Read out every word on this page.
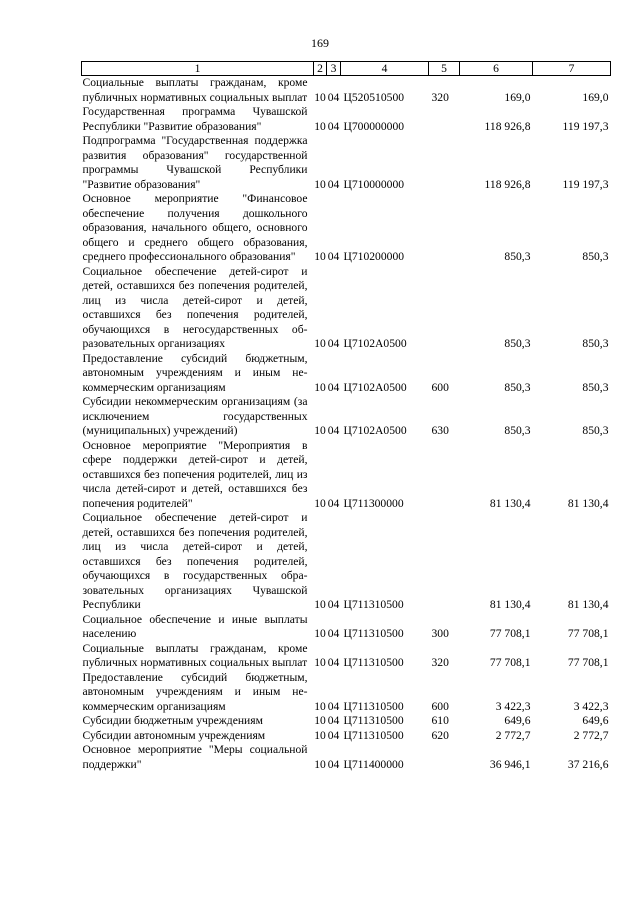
169
1	2	3	4	5	6	7
Социальные выплаты гражданам, кроме публичных нормативных социальных выплат	10	04	Ц520510500	320	169,0	169,0
Государственная программа Чувашской Республики "Развитие образования"	10	04	Ц700000000		118 926,8	119 197,3
Подпрограмма "Государственная поддержка развития образования" государственной программы Чувашской Республики "Развитие образования"	10	04	Ц710000000		118 926,8	119 197,3
Основное мероприятие "Финансовое обеспечение получения дошкольного образования, начального общего, основного общего и среднего общего образования, среднего профессионального образования"	10	04	Ц710200000		850,3	850,3
Социальное обеспечение детей-сирот и детей, оставшихся без попечения родителей, лиц из числа детей-сирот и детей, оставшихся без попечения родителей, обучающихся в негосударственных образовательных организациях	10	04	Ц7102А0500		850,3	850,3
Предоставление субсидий бюджетным, автономным учреждениям и иным некоммерческим организациям	10	04	Ц7102А0500	600	850,3	850,3
Субсидии некоммерческим организациям (за исключением государственных (муниципальных) учреждений)	10	04	Ц7102А0500	630	850,3	850,3
Основное мероприятие "Мероприятия в сфере поддержки детей-сирот и детей, оставшихся без попечения родителей, лиц из числа детей-сирот и детей, оставшихся без попечения родителей"	10	04	Ц711300000		81 130,4	81 130,4
Социальное обеспечение детей-сирот и детей, оставшихся без попечения родителей, лиц из числа детей-сирот и детей, оставшихся без попечения родителей, обучающихся в государственных образовательных организациях Чувашской Республики	10	04	Ц711310500		81 130,4	81 130,4
Социальное обеспечение и иные выплаты населению	10	04	Ц711310500	300	77 708,1	77 708,1
Социальные выплаты гражданам, кроме публичных нормативных социальных выплат	10	04	Ц711310500	320	77 708,1	77 708,1
Предоставление субсидий бюджетным, автономным учреждениям и иным некоммерческим организациям	10	04	Ц711310500	600	3 422,3	3 422,3
Субсидии бюджетным учреждениям	10	04	Ц711310500	610	649,6	649,6
Субсидии автономным учреждениям	10	04	Ц711310500	620	2 772,7	2 772,7
Основное мероприятие "Меры социальной поддержки"	10	04	Ц711400000		36 946,1	37 216,6
